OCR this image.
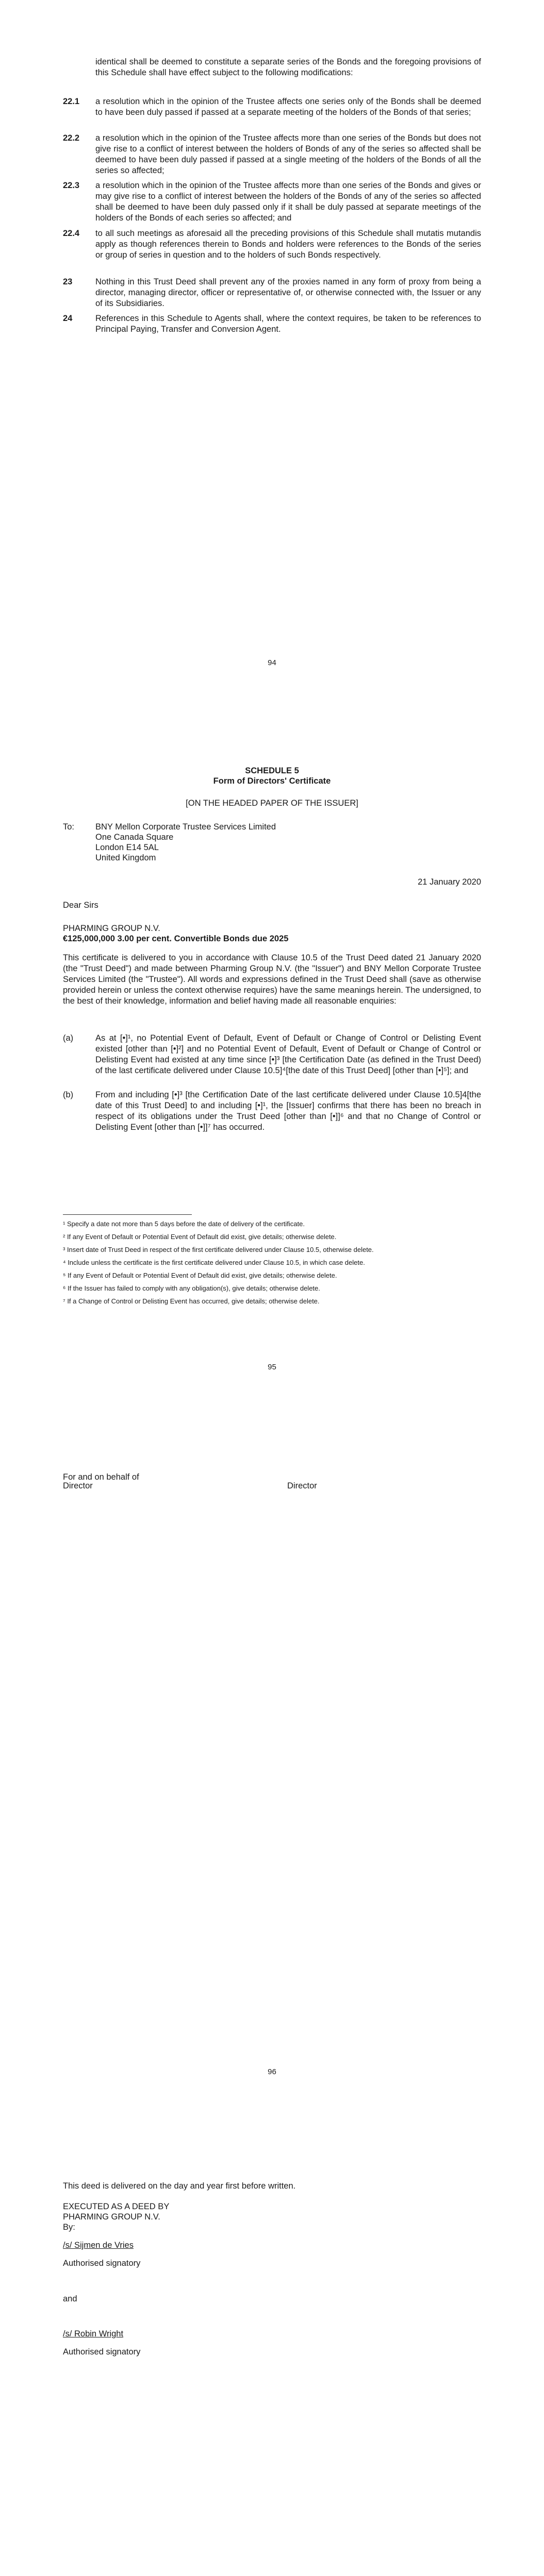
identical shall be deemed to constitute a separate series of the Bonds and the foregoing provisions of this Schedule shall have effect subject to the following modifications:
22.1 a resolution which in the opinion of the Trustee affects one series only of the Bonds shall be deemed to have been duly passed if passed at a separate meeting of the holders of the Bonds of that series;
22.2 a resolution which in the opinion of the Trustee affects more than one series of the Bonds but does not give rise to a conflict of interest between the holders of Bonds of any of the series so affected shall be deemed to have been duly passed if passed at a single meeting of the holders of the Bonds of all the series so affected;
22.3 a resolution which in the opinion of the Trustee affects more than one series of the Bonds and gives or may give rise to a conflict of interest between the holders of the Bonds of any of the series so affected shall be deemed to have been duly passed only if it shall be duly passed at separate meetings of the holders of the Bonds of each series so affected; and
22.4 to all such meetings as aforesaid all the preceding provisions of this Schedule shall mutatis mutandis apply as though references therein to Bonds and holders were references to the Bonds of the series or group of series in question and to the holders of such Bonds respectively.
23	Nothing in this Trust Deed shall prevent any of the proxies named in any form of proxy from being a director, managing director, officer or representative of, or otherwise connected with, the Issuer or any of its Subsidiaries.
24	References in this Schedule to Agents shall, where the context requires, be taken to be references to Principal Paying, Transfer and Conversion Agent.
94
SCHEDULE 5
Form of Directors' Certificate
[ON THE HEADED PAPER OF THE ISSUER]
To: BNY Mellon Corporate Trustee Services Limited
One Canada Square
London E14 5AL
United Kingdom
21 January 2020
Dear Sirs
PHARMING GROUP N.V.
€125,000,000 3.00 per cent. Convertible Bonds due 2025
This certificate is delivered to you in accordance with Clause 10.5 of the Trust Deed dated 21 January 2020 (the "Trust Deed") and made between Pharming Group N.V. (the "Issuer") and BNY Mellon Corporate Trustee Services Limited (the "Trustee"). All words and expressions defined in the Trust Deed shall (save as otherwise provided herein or unless the context otherwise requires) have the same meanings herein. The undersigned, to the best of their knowledge, information and belief having made all reasonable enquiries:
(a)	As at [•]¹, no Potential Event of Default, Event of Default or Change of Control or Delisting Event existed [other than [•]²] and no Potential Event of Default, Event of Default or Change of Control or Delisting Event had existed at any time since [•]³ [the Certification Date (as defined in the Trust Deed) of the last certificate delivered under Clause 10.5]⁴[the date of this Trust Deed] [other than [•]⁵]; and
(b)	From and including [•]³ [the Certification Date of the last certificate delivered under Clause 10.5]4[the date of this Trust Deed] to and including [•]¹, the [Issuer] confirms that there has been no breach in respect of its obligations under the Trust Deed [other than [•]]⁶ and that no Change of Control or Delisting Event [other than [•]]⁷ has occurred.
¹ Specify a date not more than 5 days before the date of delivery of the certificate.
² If any Event of Default or Potential Event of Default did exist, give details; otherwise delete.
³ Insert date of Trust Deed in respect of the first certificate delivered under Clause 10.5, otherwise delete.
⁴ Include unless the certificate is the first certificate delivered under Clause 10.5, in which case delete.
⁵ If any Event of Default or Potential Event of Default did exist, give details; otherwise delete.
⁶ If the Issuer has failed to comply with any obligation(s), give details; otherwise delete.
⁷ If a Change of Control or Delisting Event has occurred, give details; otherwise delete.
95
For and on behalf of
Director	Director
96
This deed is delivered on the day and year first before written.
EXECUTED AS A DEED BY
PHARMING GROUP N.V.
By:
/s/ Sijmen de Vries
Authorised signatory
and
/s/ Robin Wright
Authorised signatory
